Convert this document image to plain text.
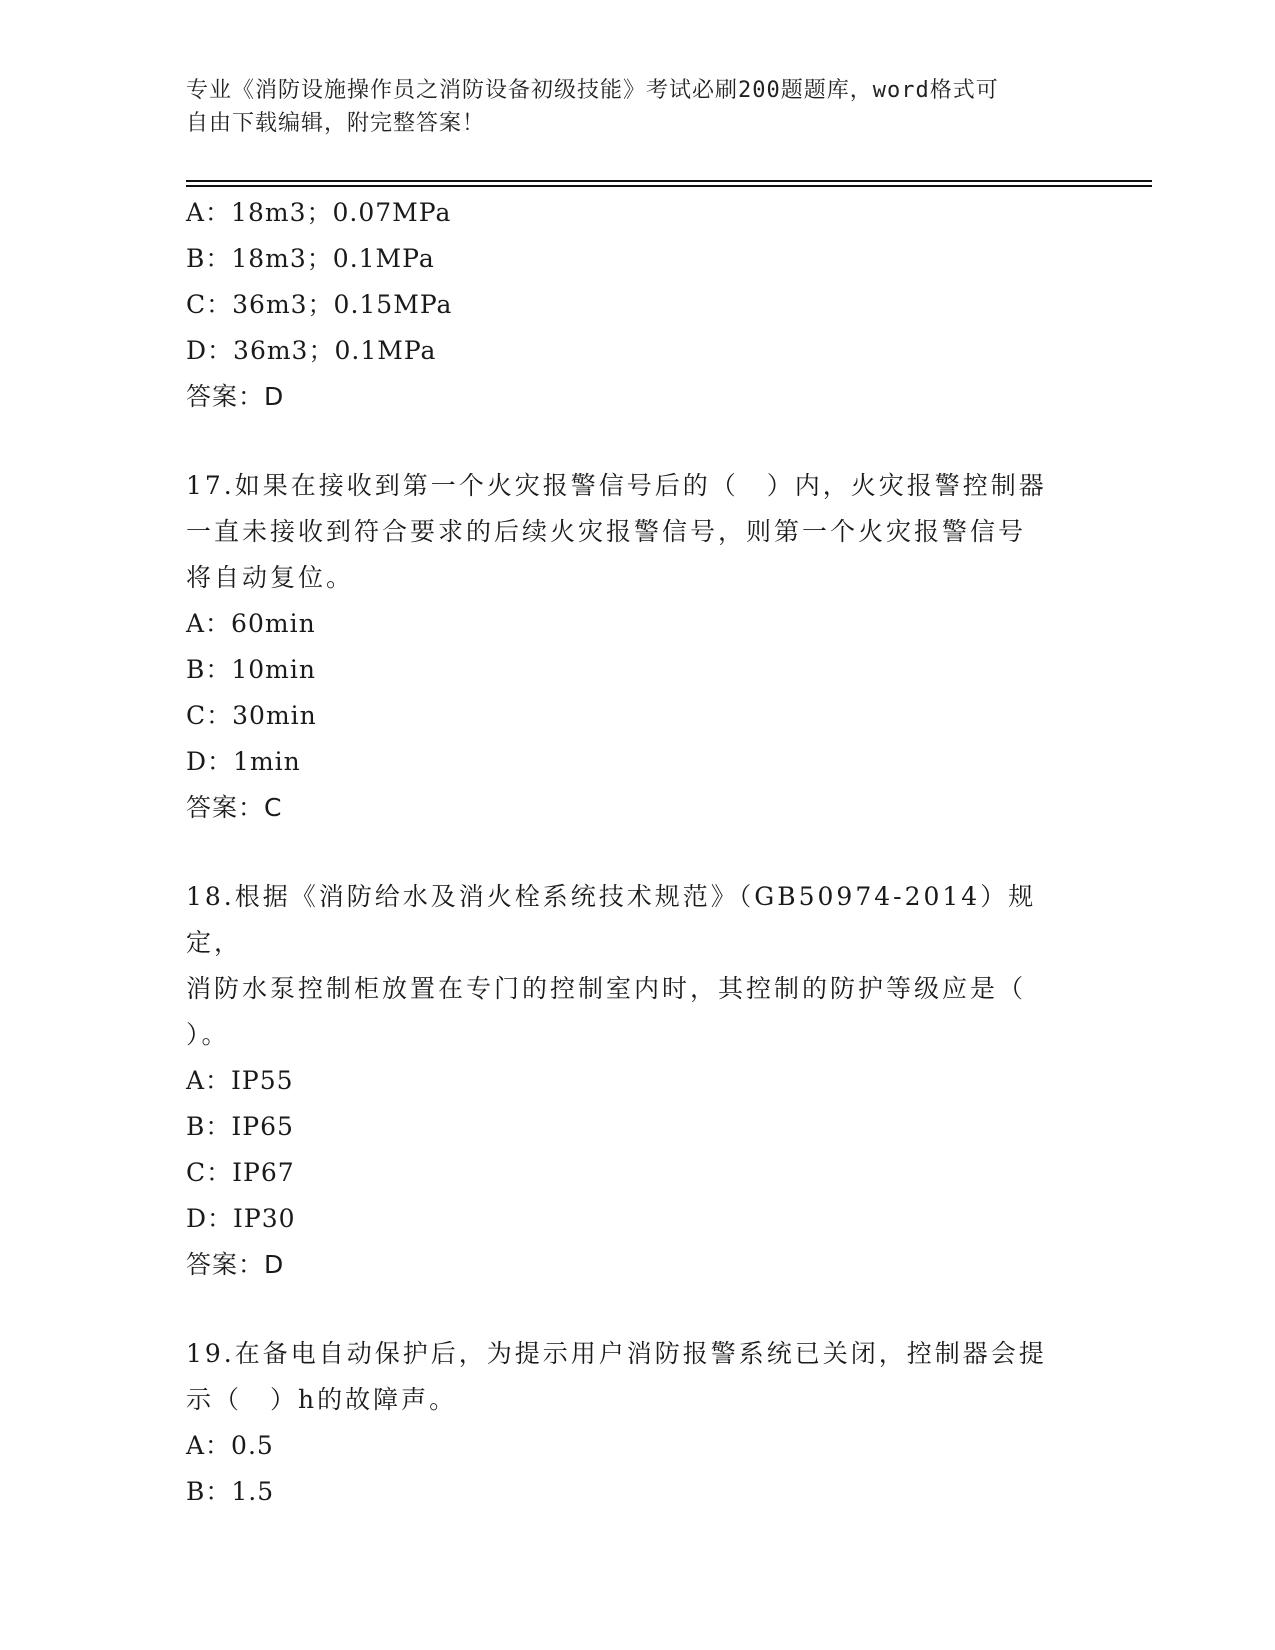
专业《消防设施操作员之消防设备初级技能》考试必刷200题题库，word格式可
自由下载编辑，附完整答案！
A：18m3；0.07MPa
B：18m3；0.1MPa
C：36m3；0.15MPa
D：36m3；0.1MPa
答案：D
17.如果在接收到第一个火灾报警信号后的（　）内，火灾报警控制器
一直未接收到符合要求的后续火灾报警信号，则第一个火灾报警信号
将自动复位。
A：60min
B：10min
C：30min
D：1min
答案：C
18.根据《消防给水及消火栓系统技术规范》（GB50974-2014）规定，
消防水泵控制柜放置在专门的控制室内时，其控制的防护等级应是（
）。
A：IP55
B：IP65
C：IP67
D：IP30
答案：D
19.在备电自动保护后，为提示用户消防报警系统已关闭，控制器会提
示（　）h的故障声。
A：0.5
B：1.5
